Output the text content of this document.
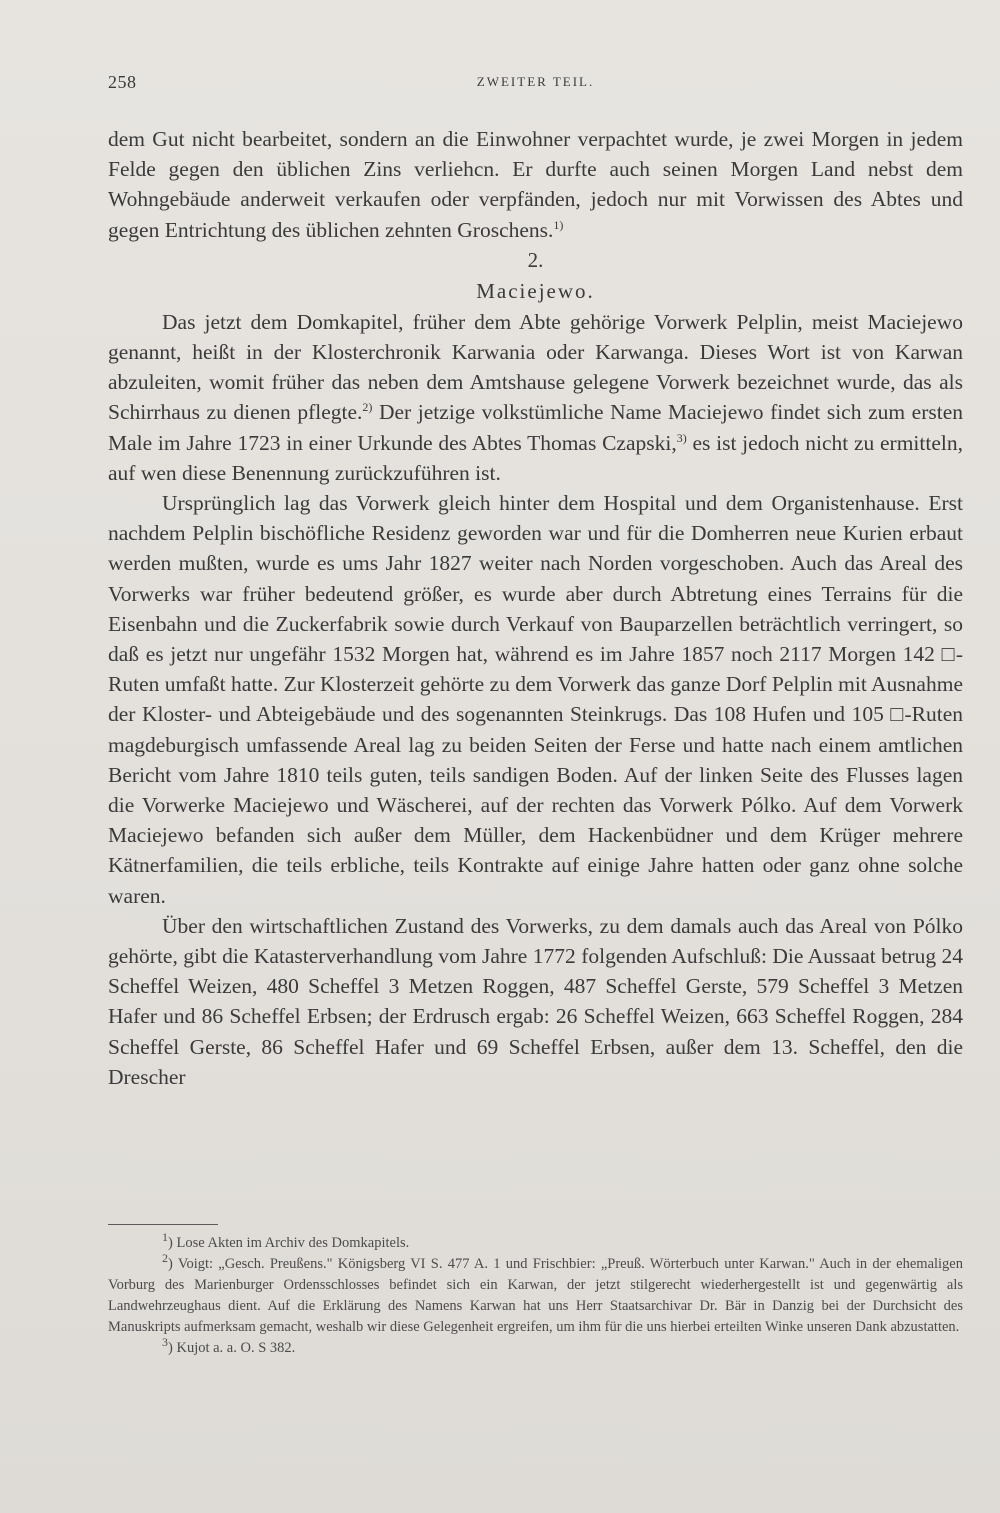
258	ZWEITER TEIL.

dem Gut nicht bearbeitet, sondern an die Einwohner verpachtet wurde, je zwei Morgen in jedem Felde gegen den üblichen Zins verliehcn. Er durfte auch seinen Morgen Land nebst dem Wohngebäude anderweit verkaufen oder verpfänden, jedoch nur mit Vorwissen des Abtes und gegen Entrichtung des üblichen zehnten Groschens.$^{1)}$

2.

Maciejewo.

Das jetzt dem Domkapitel, früher dem Abte gehörige Vorwerk Pelplin, meist Maciejewo genannt, heißt in der Klosterchronik Karwania oder Karwanga. Dieses Wort ist von Karwan abzuleiten, womit früher das neben dem Amtshause gelegene Vorwerk bezeichnet wurde, das als Schirrhaus zu dienen pflegte.$^{2)}$ Der jetzige volkstümliche Name Maciejewo findet sich zum ersten Male im Jahre 1723 in einer Urkunde des Abtes Thomas Czapski,$^{3)}$ es ist jedoch nicht zu ermitteln, auf wen diese Benennung zurückzuführen ist.

Ursprünglich lag das Vorwerk gleich hinter dem Hospital und dem Organistenhause. Erst nachdem Pelplin bischöfliche Residenz geworden war und für die Domherren neue Kurien erbaut werden mußten, wurde es ums Jahr 1827 weiter nach Norden vorgeschoben. Auch das Areal des Vorwerks war früher bedeutend größer, es wurde aber durch Abtretung eines Terrains für die Eisenbahn und die Zuckerfabrik sowie durch Verkauf von Bauparzellen beträchtlich verringert, so daß es jetzt nur ungefähr 1532 Morgen hat, während es im Jahre 1857 noch 2117 Morgen 142 □-Ruten umfaßt hatte. Zur Klosterzeit gehörte zu dem Vorwerk das ganze Dorf Pelplin mit Ausnahme der Kloster- und Abteigebäude und des sogenannten Steinkrugs. Das 108 Hufen und 105 □-Ruten magdeburgisch umfassende Areal lag zu beiden Seiten der Ferse und hatte nach einem amtlichen Bericht vom Jahre 1810 teils guten, teils sandigen Boden. Auf der linken Seite des Flusses lagen die Vorwerke Maciejewo und Wäscherei, auf der rechten das Vorwerk Pólko. Auf dem Vorwerk Maciejewo befanden sich außer dem Müller, dem Hackenbüdner und dem Krüger mehrere Kätnerfamilien, die teils erbliche, teils Kontrakte auf einige Jahre hatten oder ganz ohne solche waren.

Über den wirtschaftlichen Zustand des Vorwerks, zu dem damals auch das Areal von Pólko gehörte, gibt die Katasterverhandlung vom Jahre 1772 folgenden Aufschluß: Die Aussaat betrug 24 Scheffel Weizen, 480 Scheffel 3 Metzen Roggen, 487 Scheffel Gerste, 579 Scheffel 3 Metzen Hafer und 86 Scheffel Erbsen; der Erdrusch ergab: 26 Scheffel Weizen, 663 Scheffel Roggen, 284 Scheffel Gerste, 86 Scheffel Hafer und 69 Scheffel Erbsen, außer dem 13. Scheffel, den die Drescher

$^1$) Lose Akten im Archiv des Domkapitels.

$^2$) Voigt: „Gesch. Preußens." Königsberg VI S. 477 A. 1 und Frischbier: „Preuß. Wörterbuch unter Karwan." Auch in der ehemaligen Vorburg des Marienburger Ordensschlosses befindet sich ein Karwan, der jetzt stilgerecht wiederhergestellt ist und gegenwärtig als Landwehrzeughaus dient. Auf die Erklärung des Namens Karwan hat uns Herr Staatsarchivar Dr. Bär in Danzig bei der Durchsicht des Manuskripts aufmerksam gemacht, weshalb wir diese Gelegenheit ergreifen, um ihm für die uns hierbei erteilten Winke unseren Dank abzustatten.

$^3$) Kujot a. a. O. S 382.
